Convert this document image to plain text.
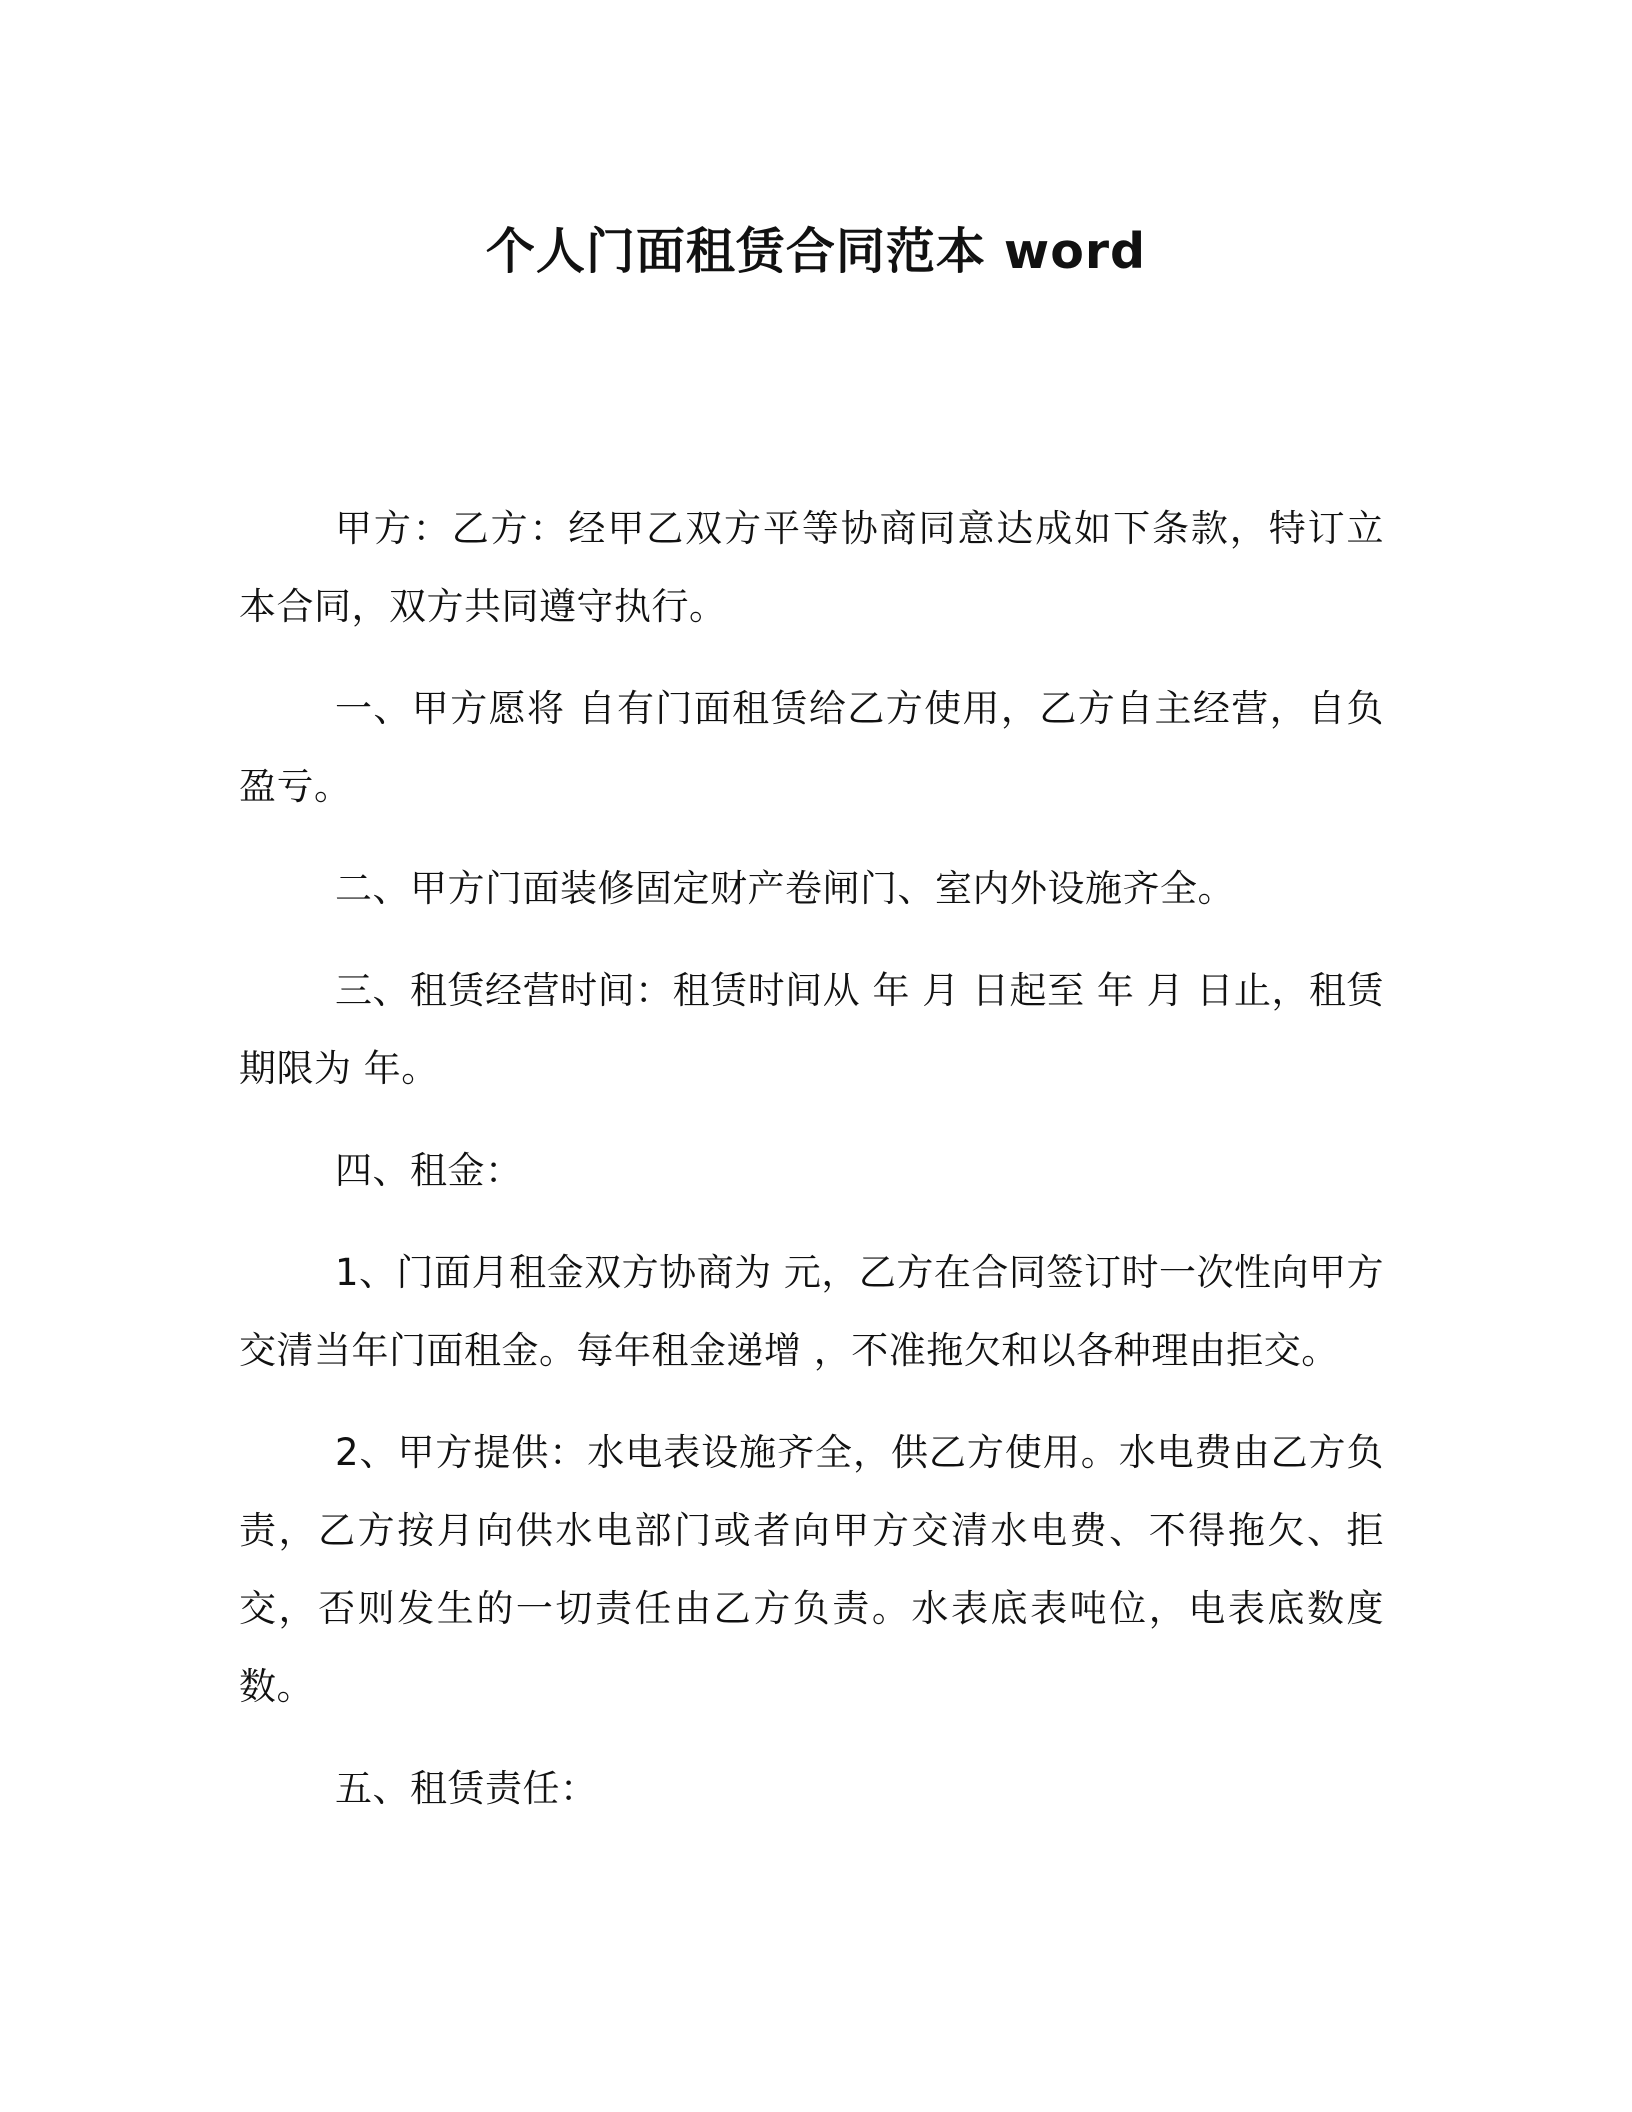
个人门面租赁合同范本 word

甲方：乙方：经甲乙双方平等协商同意达成如下条款，特订立本合同，双方共同遵守执行。

一、甲方愿将 自有门面租赁给乙方使用，乙方自主经营，自负盈亏。

二、甲方门面装修固定财产卷闸门、室内外设施齐全。

三、租赁经营时间：租赁时间从 年 月 日起至 年 月 日止，租赁期限为 年。

四、租金：

1、门面月租金双方协商为 元，乙方在合同签订时一次性向甲方交清当年门面租金。每年租金递增 ，不准拖欠和以各种理由拒交。

2、甲方提供：水电表设施齐全，供乙方使用。水电费由乙方负责，乙方按月向供水电部门或者向甲方交清水电费、不得拖欠、拒交，否则发生的一切责任由乙方负责。水表底表吨位，电表底数度数。

五、租赁责任：
